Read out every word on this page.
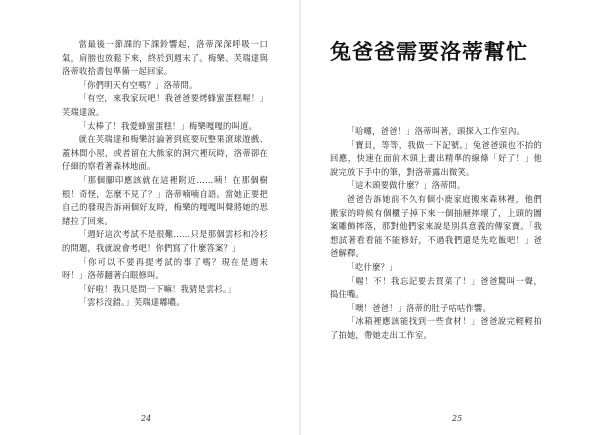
當最後一節課的下課鈴響起，洛蒂深深呼吸一口氣，肩膀也放鬆下來，終於到週末了。梅樂、芙瑞達與洛蒂收拾書包準備一起回家。

「你們明天有空嗎？」洛蒂問。

「有空，來我家玩吧！我爸爸要烤蜂蜜蛋糕喔！」芙瑞達說。

「太棒了！我愛蜂蜜蛋糕！」梅樂嘎嘎的叫道。

就在芙瑞達和梅樂討論著到底要玩整果滾球遊戲、蓋林間小屋，或者留在大熊家的洞穴裡玩時，洛蒂卻在仔細的察看著森林地面。

「那個腳印應該就在這裡附近……咦！在那個樹根！奇怪，怎麼不見了？」洛蒂喃喃自語。當她正要把自己的發現告訴兩個好友時，梅樂的嘎嘎叫聲將她的思緒拉了回來。

「週好這次考試不是很難……只是那個雲杉和冷杉的問題，我就說會考吧！你們寫了什麼答案？」

「你可以不要再提考試的事了嗎？現在是週末呀！」洛蒂翻著白眼修叫。

「好啦！我只是問一下嘛！我猜是雲杉。」

「雲杉沒錯。」芙瑞達嘟噥。

兔爸爸需要洛蒂幫忙

「哈囉，爸爸！」洛蒂叫著，頭探入工作室內。

「寶貝，等等，我做一下記號。」兔爸爸頭也不抬的回應，快速在面前木頭上畫出精準的線條「好了！」他說完放下手中的筆，對洛蒂露出微笑。

「這木頭要做什麼？」洛蒂問。

爸爸告訴她前不久有個小鹿家庭搬來森林裡，他們搬家的時候有個櫃子掉下來一個抽屜摔壞了，上頭的圖案雕飾摔落，那對他們家來說是別具意義的傳家寶。「我想試著看看能不能修好，不過我們還是先吃飯吧！」爸爸解釋。

「吃什麼？」

「喔！不！我忘記要去買菜了！」爸爸驚叫一聲，捣住嘴。

「噢！爸爸！」洛蒂的肚子咕咕作響。

「冰箱裡應該能找到一些食材！」爸爸說完輕輕拍了拍她，帶她走出工作室。

24	25
